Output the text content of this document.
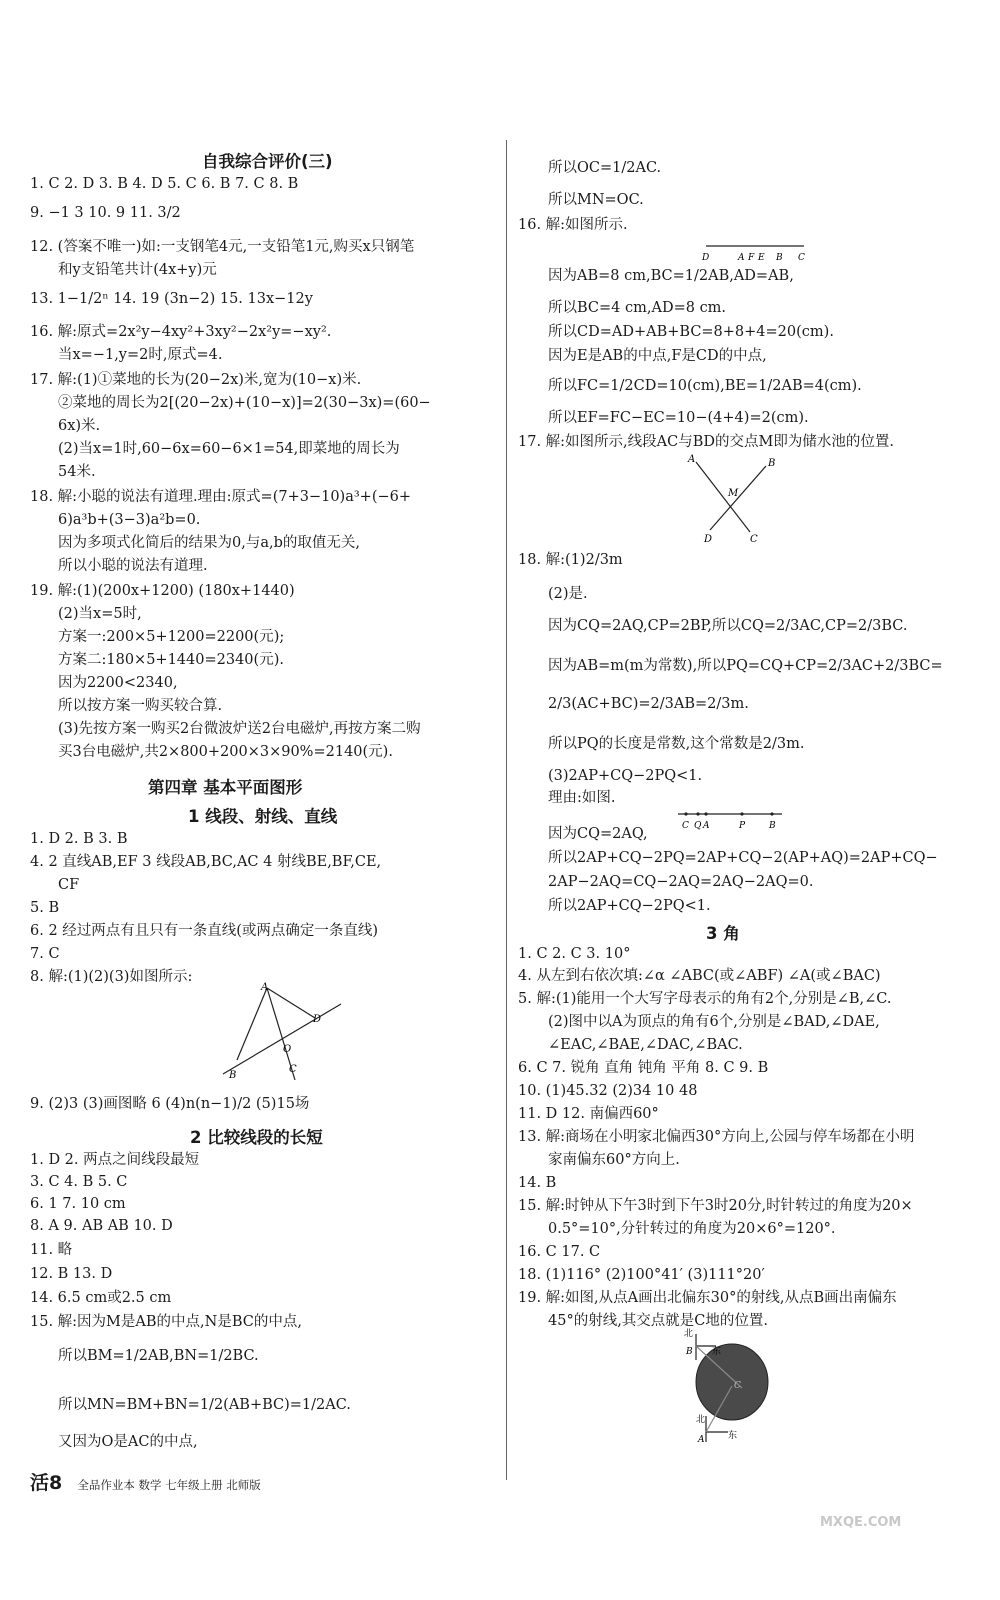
自我综合评价(三)
1. C 2. D 3. B 4. D 5. C 6. B 7. C 8. B
9. −1 3 10. 9 11. 3/2
12. (答案不唯一)如:一支钢笔4元,一支铅笔1元,购买x只钢笔
和y支铅笔共计(4x+y)元
13. 1−1/2ⁿ 14. 19 (3n−2) 15. 13x−12y
16. 解:原式=2x²y−4xy²+3xy²−2x²y=−xy².
当x=−1,y=2时,原式=4.
17. 解:(1)①菜地的长为(20−2x)米,宽为(10−x)米.
②菜地的周长为2[(20−2x)+(10−x)]=2(30−3x)=(60−
6x)米.
(2)当x=1时,60−6x=60−6×1=54,即菜地的周长为
54米.
18. 解:小聪的说法有道理.理由:原式=(7+3−10)a³+(−6+
6)a³b+(3−3)a²b=0.
因为多项式化简后的结果为0,与a,b的取值无关,
所以小聪的说法有道理.
19. 解:(1)(200x+1200) (180x+1440)
(2)当x=5时,
方案一:200×5+1200=2200(元);
方案二:180×5+1440=2340(元).
因为2200<2340,
所以按方案一购买较合算.
(3)先按方案一购买2台微波炉送2台电磁炉,再按方案二购
买3台电磁炉,共2×800+200×3×90%=2140(元).
第四章 基本平面图形
1 线段、射线、直线
1. D 2. B 3. B
4. 2 直线AB,EF 3 线段AB,BC,AC 4 射线BE,BF,CE,
CF
5. B
6. 2 经过两点有且只有一条直线(或两点确定一条直线)
7. C
8. 解:(1)(2)(3)如图所示:
A
B
O
C
D
9. (2)3 (3)画图略 6 (4)n(n−1)/2 (5)15场
2 比较线段的长短
1. D 2. 两点之间线段最短
3. C 4. B 5. C
6. 1 7. 10 cm
8. A 9. AB AB 10. D
11. 略
12. B 13. D
14. 6.5 cm或2.5 cm
15. 解:因为M是AB的中点,N是BC的中点,
所以BM=1/2AB,BN=1/2BC.
所以MN=BM+BN=1/2(AB+BC)=1/2AC.
又因为O是AC的中点,
所以OC=1/2AC.
所以MN=OC.
16. 解:如图所示.
D	A F E B C
因为AB=8 cm,BC=1/2AB,AD=AB,
所以BC=4 cm,AD=8 cm.
所以CD=AD+AB+BC=8+8+4=20(cm).
因为E是AB的中点,F是CD的中点,
所以FC=1/2CD=10(cm),BE=1/2AB=4(cm).
所以EF=FC−EC=10−(4+4)=2(cm).
17. 解:如图所示,线段AC与BD的交点M即为储水池的位置.
A	B
M
D	C
18. 解:(1)2/3m
(2)是.
因为CQ=2AQ,CP=2BP,所以CQ=2/3AC,CP=2/3BC.
因为AB=m(m为常数),所以PQ=CQ+CP=2/3AC+2/3BC=
2/3(AC+BC)=2/3AB=2/3m.
所以PQ的长度是常数,这个常数是2/3m.
(3)2AP+CQ−2PQ<1.
理由:如图.
C Q A	P	B
因为CQ=2AQ,
所以2AP+CQ−2PQ=2AP+CQ−2(AP+AQ)=2AP+CQ−
2AP−2AQ=CQ−2AQ=2AQ−2AQ=0.
所以2AP+CQ−2PQ<1.
3 角
1. C 2. C 3. 10°
4. 从左到右依次填:∠α ∠ABC(或∠ABF) ∠A(或∠BAC)
5. 解:(1)能用一个大写字母表示的角有2个,分别是∠B,∠C.
(2)图中以A为顶点的角有6个,分别是∠BAD,∠DAE,
∠EAC,∠BAE,∠DAC,∠BAC.
6. C 7. 锐角 直角 钝角 平角 8. C 9. B
10. (1)45.32 (2)34 10 48
11. D 12. 南偏西60°
13. 解:商场在小明家北偏西30°方向上,公园与停车场都在小明
家南偏东60°方向上.
14. B
15. 解:时钟从下午3时到下午3时20分,时针转过的角度为20×
0.5°=10°,分针转过的角度为20×6°=120°.
16. C 17. C
18. (1)116° (2)100°41′ (3)111°20′
19. 解:如图,从点A画出北偏东30°的射线,从点B画出南偏东
45°的射线,其交点就是C地的位置.
北
东
B
C
北
A	东
活8 全品作业本 数学 七年级上册 北师版
MXQE.COM
